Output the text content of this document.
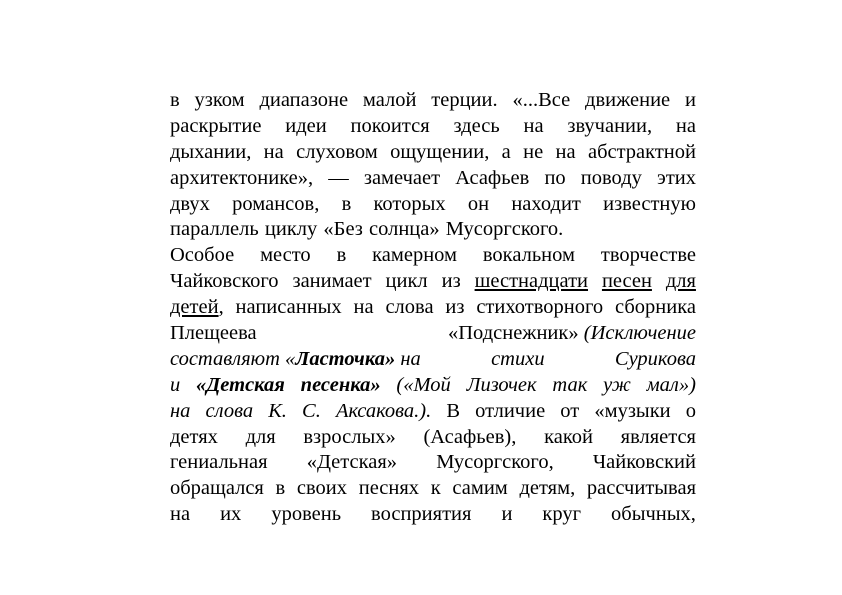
в узком диапазоне малой терции. «...Все движение и
раскрытие идеи покоится здесь на звучании, на
дыхании, на слуховом ощущении, а не на абстрактной
архитектонике», — замечает Асафьев по поводу этих
двух романсов, в которых он находит известную
параллель циклу «Без солнца» Мусоргского.
Особое место в камерном вокальном творчестве
Чайковского занимает цикл из шестнадцати песен для
детей, написанных на слова из стихотворного сборника
Плещеева	«Подснежник» (Исключение
составляют «Ласточка» на	стихи	Сурикова
и «Детская песенка» («Мой Лизочек так уж мал»)
на слова К. С. Аксакова.). В отличие от «музыки о
детях для взрослых» (Асафьев), какой является
гениальная «Детская» Мусоргского, Чайковский
обращался в своих песнях к самим детям, рассчитывая
на их уровень восприятия и круг обычных,
